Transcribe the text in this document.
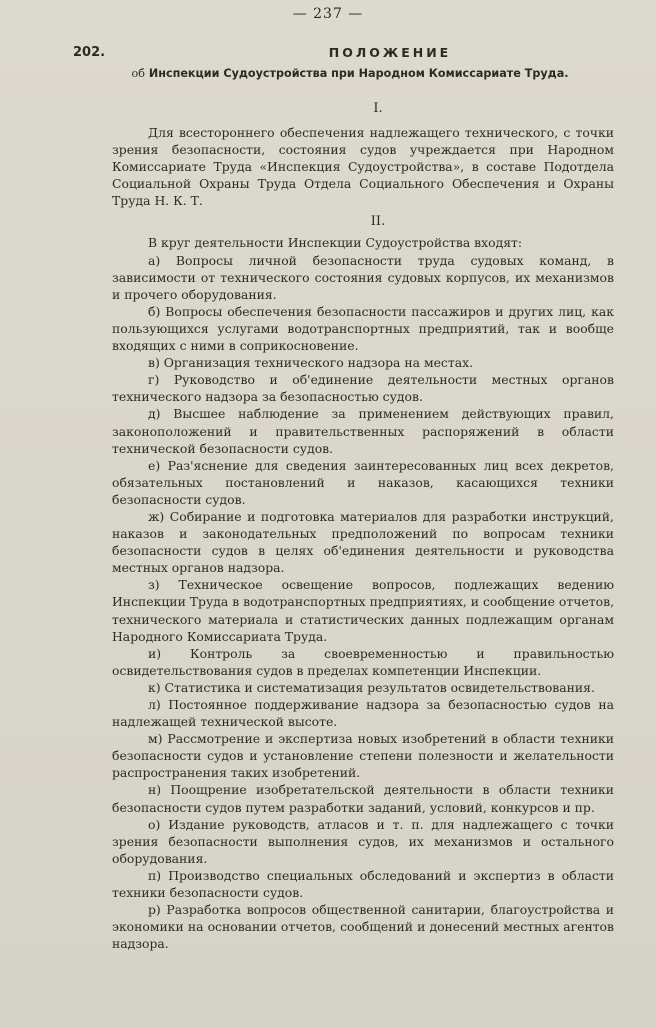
— 237 —
202.	ПОЛОЖЕНИЕ
об Инспекции Судоустройства при Народном Комиссариате Труда.
I.

Для всестороннего обеспечения надлежащего технического, с точки зрения безопасности, состояния судов учреждается при Народном Комиссариате Труда «Инспекция Судоустройства», в составе Подотдела Социальной Охраны Труда Отдела Социального Обеспечения и Охраны Труда Н. К. Т.

II.

В круг деятельности Инспекции Судоустройства входят:

а) Вопросы личной безопасности труда судовых команд, в зависимости от технического состояния судовых корпусов, их механизмов и прочего оборудования.

б) Вопросы обеспечения безопасности пассажиров и других лиц, как пользующихся услугами водотранспортных предприятий, так и вообще входящих с ними в соприкосновение.

в) Организация технического надзора на местах.

г) Руководство и об'единение деятельности местных органов технического надзора за безопасностью судов.

д) Высшее наблюдение за применением действующих правил, законоположений и правительственных распоряжений в области технической безопасности судов.

е) Раз'яснение для сведения заинтересованных лиц всех декретов, обязательных постановлений и наказов, касающихся техники безопасности судов.

ж) Собирание и подготовка материалов для разработки инструкций, наказов и законодательных предположений по вопросам техники безопасности судов в целях об'единения деятельности и руководства местных органов надзора.

з) Техническое освещение вопросов, подлежащих ведению Инспекции Труда в водотранспортных предприятиях, и сообщение отчетов, технического материала и статистических данных подлежащим органам Народного Комиссариата Труда.

и) Контроль за своевременностью и правильностью освидетельствования судов в пределах компетенции Инспекции.

к) Статистика и систематизация результатов освидетельствования.

л) Постоянное поддерживание надзора за безопасностью судов на надлежащей технической высоте.

м) Рассмотрение и экспертиза новых изобретений в области техники безопасности судов и установление степени полезности и желательности распространения таких изобретений.

н) Поощрение изобретательской деятельности в области техники безопасности судов путем разработки заданий, условий, конкурсов и пр.

о) Издание руководств, атласов и т. п. для надлежащего с точки зрения безопасности выполнения судов, их механизмов и остального оборудования.

п) Производство специальных обследований и экспертиз в области техники безопасности судов.

р) Разработка вопросов общественной санитарии, благоустройства и экономики на основании отчетов, сообщений и донесений местных агентов надзора.
